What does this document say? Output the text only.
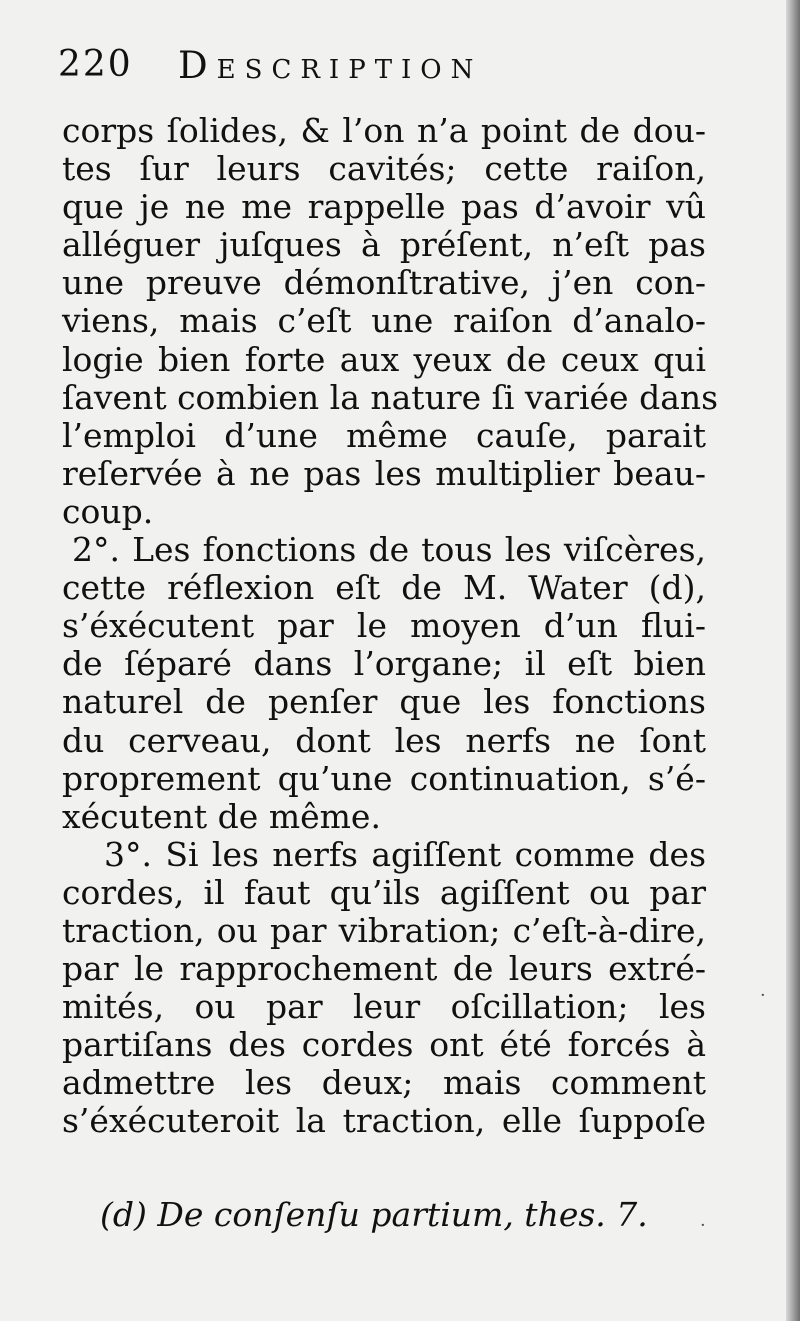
220 Description
corps ſolides, & l’on n’a point de dou-
tes ſur leurs cavités; cette raiſon,
que je ne me rappelle pas d’avoir vû
alléguer juſques à préſent, n’eſt pas
une preuve démonſtrative, j’en con-
viens, mais c’eſt une raiſon d’analo-
logie bien forte aux yeux de ceux qui
ſavent combien la nature ſi variée dans
l’emploi d’une même cauſe, parait
reſervée à ne pas les multiplier beau-
coup.
2°. Les fonctions de tous les viſcères,
cette réflexion eſt de M. Water (d),
s’éxécutent par le moyen d’un flui-
de ſéparé dans l’organe; il eſt bien
naturel de penſer que les fonctions
du cerveau, dont les nerfs ne ſont
proprement qu’une continuation, s’é-
xécutent de même.
3°. Si les nerfs agiſſent comme des
cordes, il faut qu’ils agiſſent ou par
traction, ou par vibration; c’eſt-à-dire,
par le rapprochement de leurs extré-
mités, ou par leur oſcillation; les
partiſans des cordes ont été forcés à
admettre les deux; mais comment
s’éxécuteroit la traction, elle ſuppoſe
(d) De conſenſu partium, thes. 7.
·
·
